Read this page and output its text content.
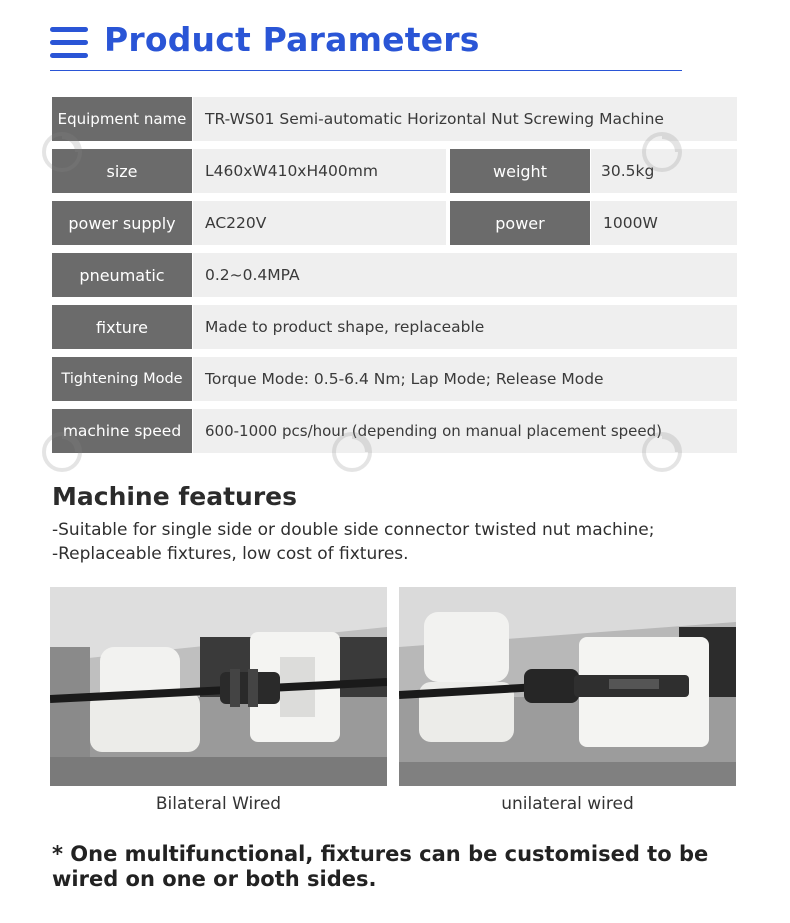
Product Parameters
Equipment name	TR-WS01 Semi-automatic Horizontal Nut Screwing Machine
size	L460xW410xH400mm	weight	30.5kg
power supply	AC220V	power	1000W
pneumatic	0.2~0.4MPA
fixture	Made to product shape, replaceable
Tightening Mode	Torque Mode: 0.5-6.4 Nm; Lap Mode; Release Mode
machine speed	600-1000 pcs/hour (depending on manual placement speed)
Machine features
-Suitable for single side or double side connector twisted nut machine;
-Replaceable fixtures, low cost of fixtures.
Bilateral Wired	unilateral wired
* One multifunctional, fixtures can be customised to be wired on one or both sides.
